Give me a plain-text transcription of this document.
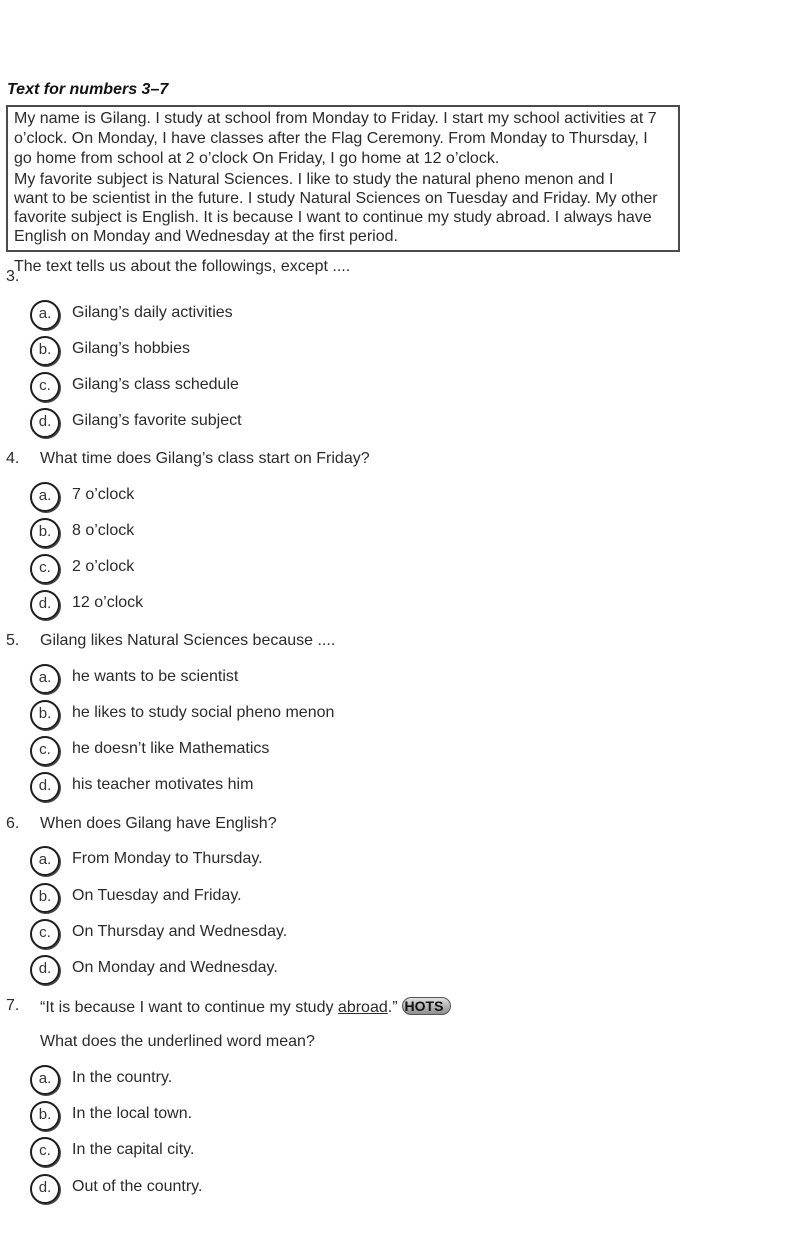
Text for numbers 3–7
My name is Gilang. I study at school from Monday to Friday. I start my school activities at 7
o’clock. On Monday, I have classes after the Flag Ceremony. From Monday to Thursday, I
go home from school at 2 o’clock On Friday, I go home at 12 o’clock.
My favorite subject is Natural Sciences. I like to study the natural pheno menon and I
want to be scientist in the future. I study Natural Sciences on Tuesday and Friday. My other
favorite subject is English. It is because I want to continue my study abroad. I always have
English on Monday and Wednesday at the first period.
3.
The text tells us about the followings, except ....
a.	Gilang’s daily activities
b.	Gilang’s hobbies
c.	Gilang’s class schedule
d.	Gilang’s favorite subject
4. What time does Gilang’s class start on Friday?
a.	7 o’clock
b.	8 o’clock
c.	2 o’clock
d.	12 o’clock
5. Gilang likes Natural Sciences because ....
a.	he wants to be scientist
b.	he likes to study social pheno menon
c.	he doesn’t like Mathematics
d.	his teacher motivates him
6. When does Gilang have English?
a.	From Monday to Thursday.
b.	On Tuesday and Friday.
c.	On Thursday and Wednesday.
d.	On Monday and Wednesday.
7. “It is because I want to continue my study abroad.” HOTS
What does the underlined word mean?
a.	In the country.
b.	In the local town.
c.	In the capital city.
d.	Out of the country.
